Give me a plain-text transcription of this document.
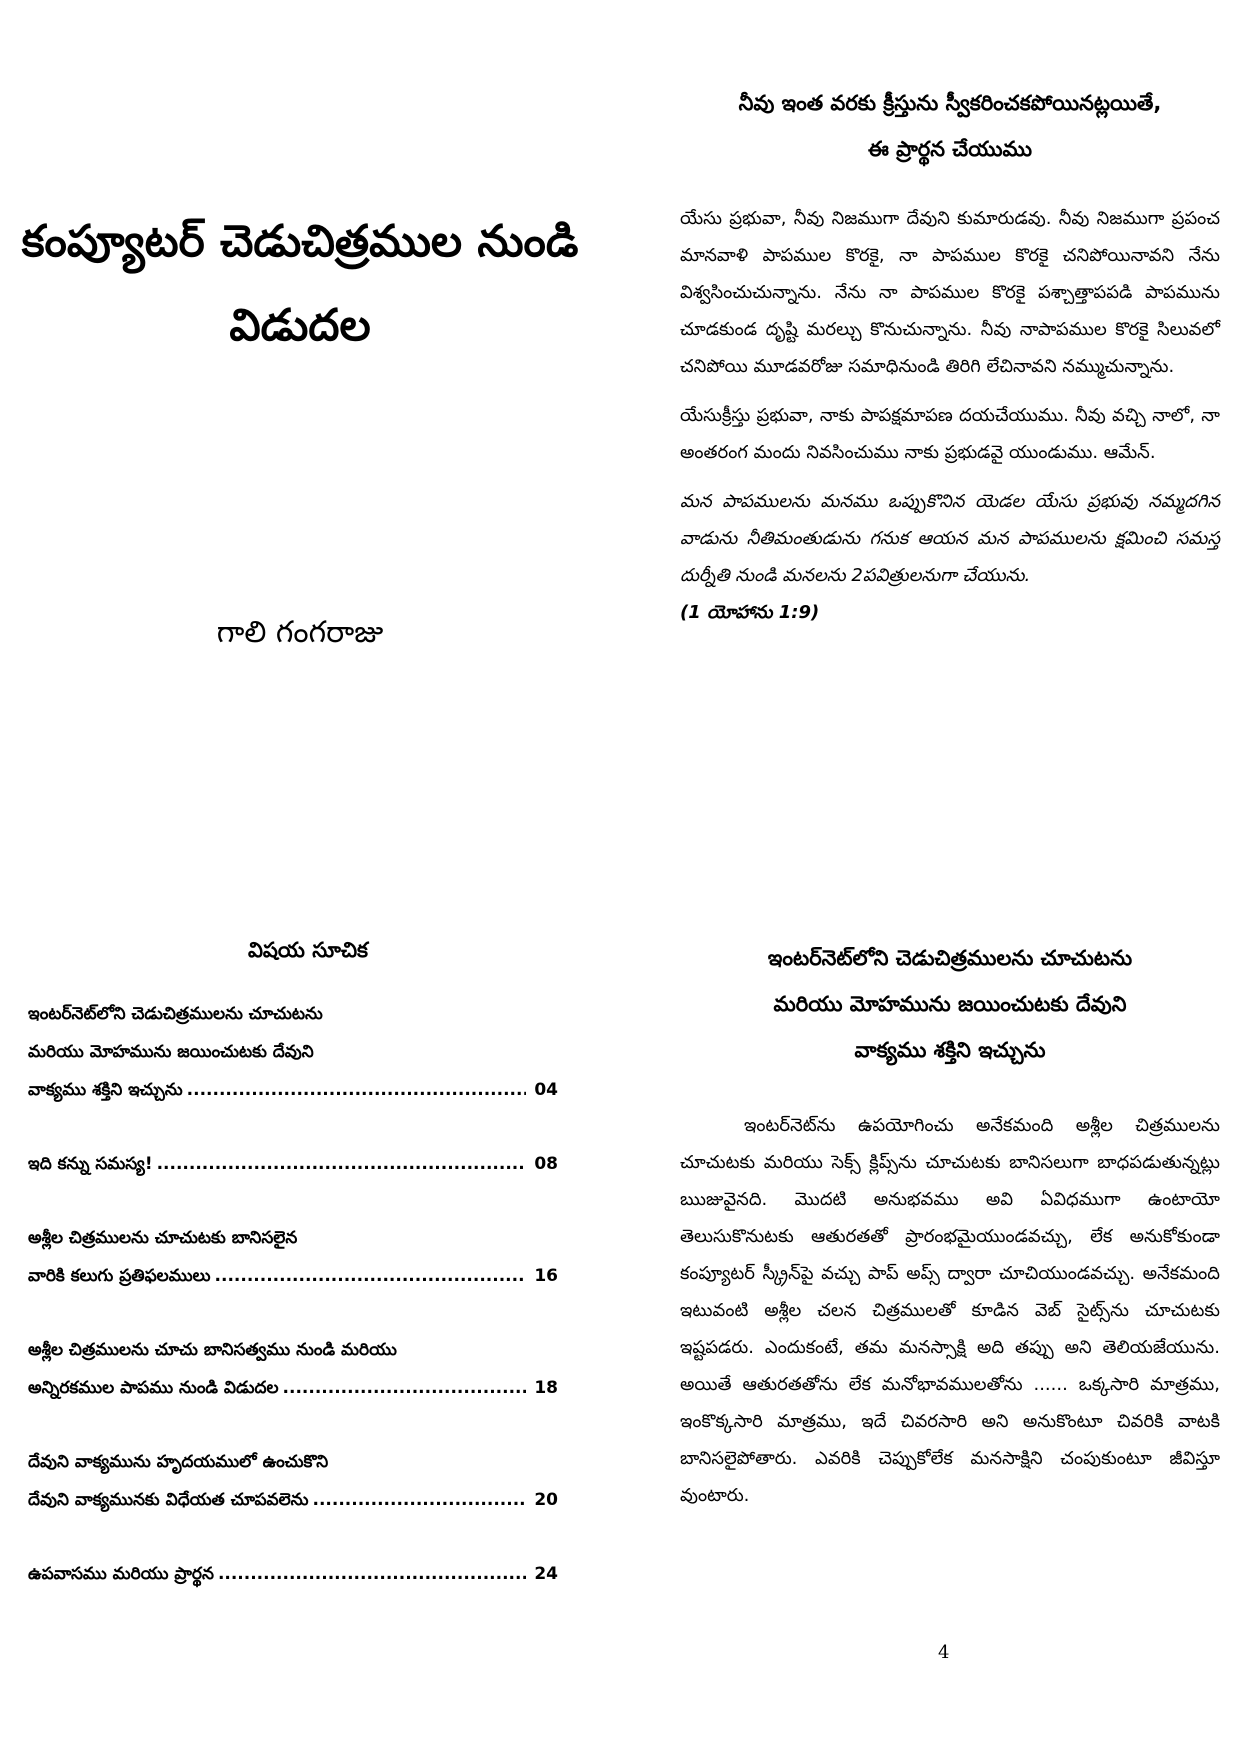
కంప్యూటర్ చెడుచిత్రముల నుండి
విడుదల
గాలి గంగరాజు

నీవు ఇంత వరకు క్రీస్తును స్వీకరించకపోయినట్లయితే,

ఈ ప్రార్థన చేయుము

యేసు ప్రభువా, నీవు నిజముగా దేవుని కుమారుడవు. నీవు నిజముగా ప్రపంచ మానవాళి పాపముల కొరకై, నా పాపముల కొరకై చనిపోయినావని నేను విశ్వసించుచున్నాను. నేను నా పాపముల కొరకై పశ్చాత్తాపపడి పాపమును చూడకుండ దృష్టి మరల్చు కొనుచున్నాను. నీవు నాపాపముల కొరకై సిలువలో చనిపోయి మూడవరోజు సమాధినుండి తిరిగి లేచినావని నమ్ముచున్నాను.

యేసుక్రీస్తు ప్రభువా, నాకు పాపక్షమాపణ దయచేయుము. నీవు వచ్చి నాలో, నా అంతరంగ మందు నివసించుము నాకు ప్రభుడవై యుండుము. ఆమేన్.

మన పాపములను మనము ఒప్పుకొనిన యెడల యేసు ప్రభువు నమ్మదగిన వాడును నీతిమంతుడును గనుక ఆయన మన పాపములను క్షమించి సమస్త దుర్నీతి నుండి మనలను 2పవిత్రులనుగా చేయును.

(1 యోహాను 1:9)

విషయ సూచిక

ఇంటర్‌నెట్‌లోని చెడుచిత్రములను చూచుటను
మరియు మోహమును జయించుటకు దేవుని
వాక్యము శక్తిని ఇచ్చును .....	04
ఇది కన్ను సమస్య! .....	08
అశ్లీల చిత్రములను చూచుటకు బానిసలైన
వారికి కలుగు ప్రతిఫలములు .....	16
అశ్లీల చిత్రములను చూచు బానిసత్వము నుండి మరియు
అన్నిరకముల పాపము నుండి విడుదల .....	18
దేవుని వాక్యమును హృదయములో ఉంచుకొని
దేవుని వాక్యమునకు విధేయత చూపవలెను .....	20
ఉపవాసము మరియు ప్రార్థన .....	24

ఇంటర్‌నెట్‌లోని చెడుచిత్రములను చూచుటను

మరియు మోహమును జయించుటకు దేవుని

వాక్యము శక్తిని ఇచ్చును

ఇంటర్‌నెట్‌ను ఉపయోగించు అనేకమంది అశ్లీల చిత్రములను చూచుటకు మరియు సెక్స్ క్లిప్స్‌ను చూచుటకు బానిసలుగా బాధపడుతున్నట్లు ఋజువైనది. మొదటి అనుభవము అవి ఏవిధముగా ఉంటాయో తెలుసుకొనుటకు ఆతురతతో ప్రారంభమైయుండవచ్చు, లేక అనుకోకుండా కంప్యూటర్ స్క్రీన్‌పై వచ్చు పాప్ అప్స్ ద్వారా చూచియుండవచ్చు. అనేకమంది ఇటువంటి అశ్లీల చలన చిత్రములతో కూడిన వెబ్ సైట్స్‌ను చూచుటకు ఇష్టపడరు. ఎందుకంటే, తమ మనస్సాక్షి అది తప్పు అని తెలియజేయును. అయితే ఆతురతతోను లేక మనోభావములతోను ...... ఒక్కసారి మాత్రము, ఇంకొక్కసారి మాత్రము, ఇదే చివరసారి అని అనుకొంటూ చివరికి వాటకి బానిసలైపోతారు. ఎవరికి చెప్పుకోలేక మనసాక్షిని చంపుకుంటూ జీవిస్తూ వుంటారు.

4
